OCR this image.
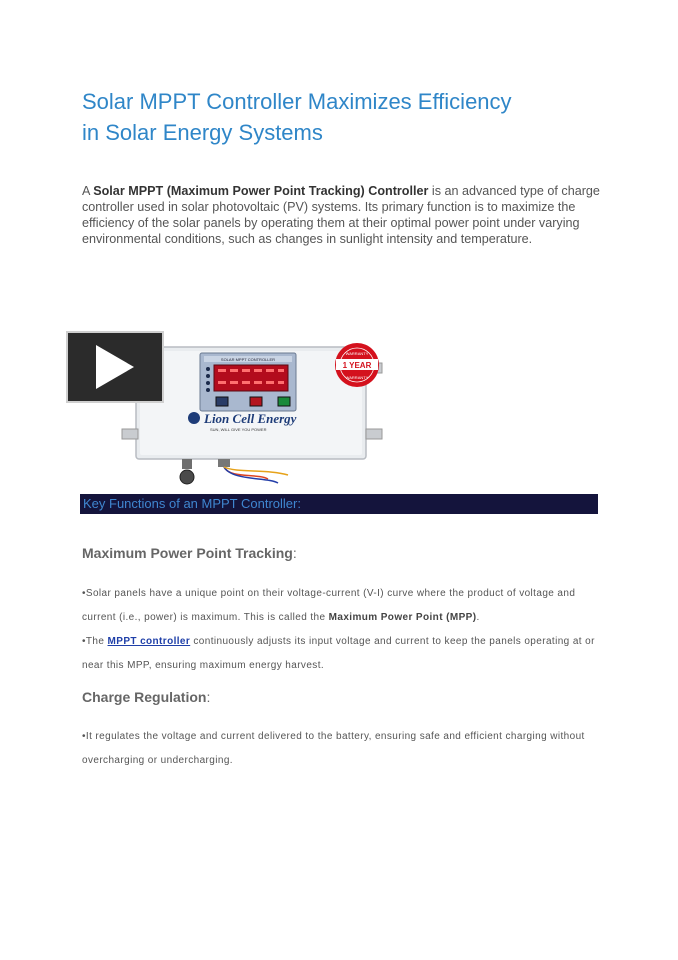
Solar MPPT Controller Maximizes Efficiency
in Solar Energy Systems

A Solar MPPT (Maximum Power Point Tracking) Controller is an advanced type of charge controller used in solar photovoltaic (PV) systems. Its primary function is to maximize the efficiency of the solar panels by operating them at their optimal power point under varying environmental conditions, such as changes in sunlight intensity and temperature.

SOLAR MPPT CONTROLLER
Lion Cell Energy
SUN, WILL GIVE YOU POWER
WARRANTY
1 YEAR
WARRANTY
Key Functions of an MPPT Controller:
Maximum Power Point Tracking:

•Solar panels have a unique point on their voltage-current (V-I) curve where the product of voltage and current (i.e., power) is maximum. This is called the Maximum Power Point (MPP).

•The MPPT controller continuously adjusts its input voltage and current to keep the panels operating at or near this MPP, ensuring maximum energy harvest.

Charge Regulation:

•It regulates the voltage and current delivered to the battery, ensuring safe and efficient charging without overcharging or undercharging.
